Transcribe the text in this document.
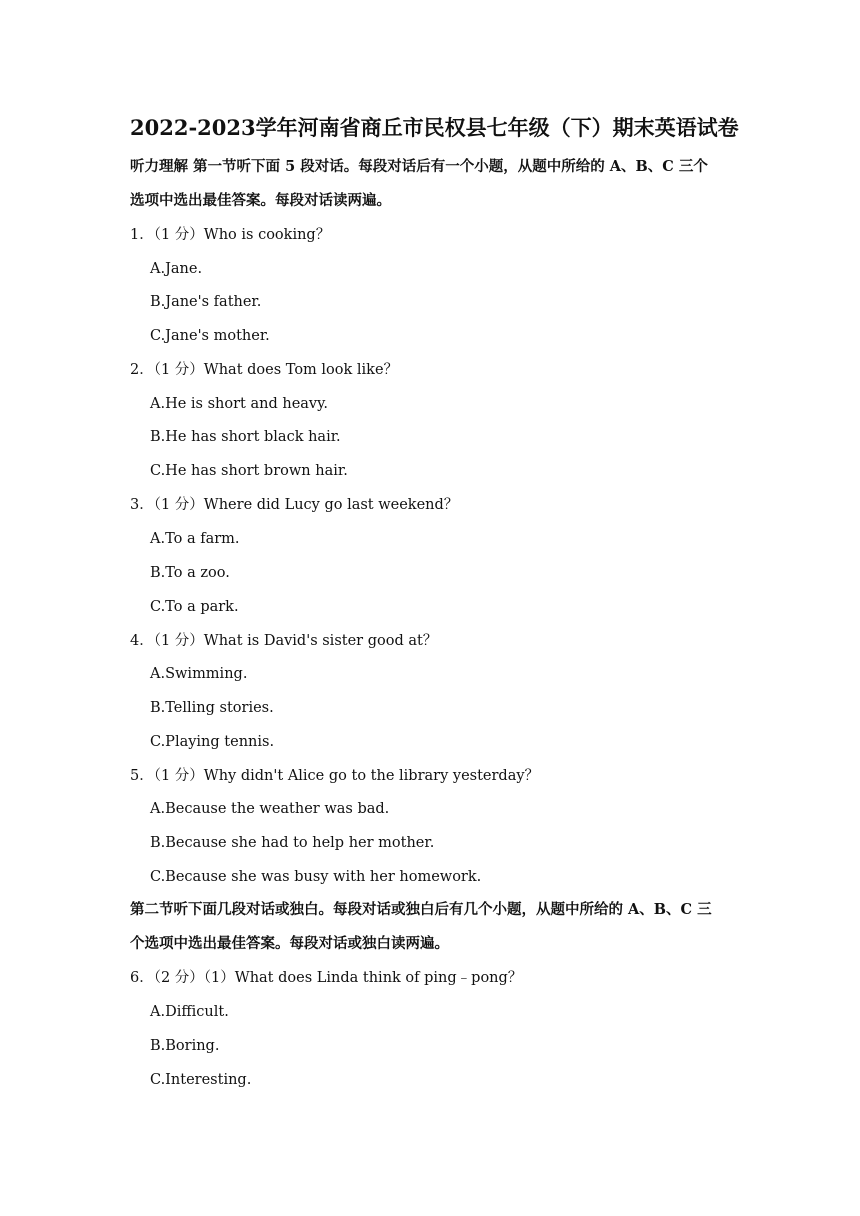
2022-2023学年河南省商丘市民权县七年级（下）期末英语试卷
听力理解 第一节听下面 5 段对话。每段对话后有一个小题，从题中所给的 A、B、C 三个
选项中选出最佳答案。每段对话读两遍。
1．（1 分）Who is cooking？
A.Jane.
B.Jane's father.
C.Jane's mother.
2．（1 分）What does Tom look like？
A.He is short and heavy.
B.He has short black hair.
C.He has short brown hair.
3．（1 分）Where did Lucy go last weekend？
A.To a farm.
B.To a zoo.
C.To a park.
4．（1 分）What is David's sister good at？
A.Swimming.
B.Telling stories.
C.Playing tennis.
5．（1 分）Why didn't Alice go to the library yesterday？
A.Because the weather was bad.
B.Because she had to help her mother.
C.Because she was busy with her homework.
第二节听下面几段对话或独白。每段对话或独白后有几个小题，从题中所给的 A、B、C 三
个选项中选出最佳答案。每段对话或独白读两遍。
6．（2 分）（1）What does Linda think of ping﹣pong？
A.Difficult.
B.Boring.
C.Interesting.
